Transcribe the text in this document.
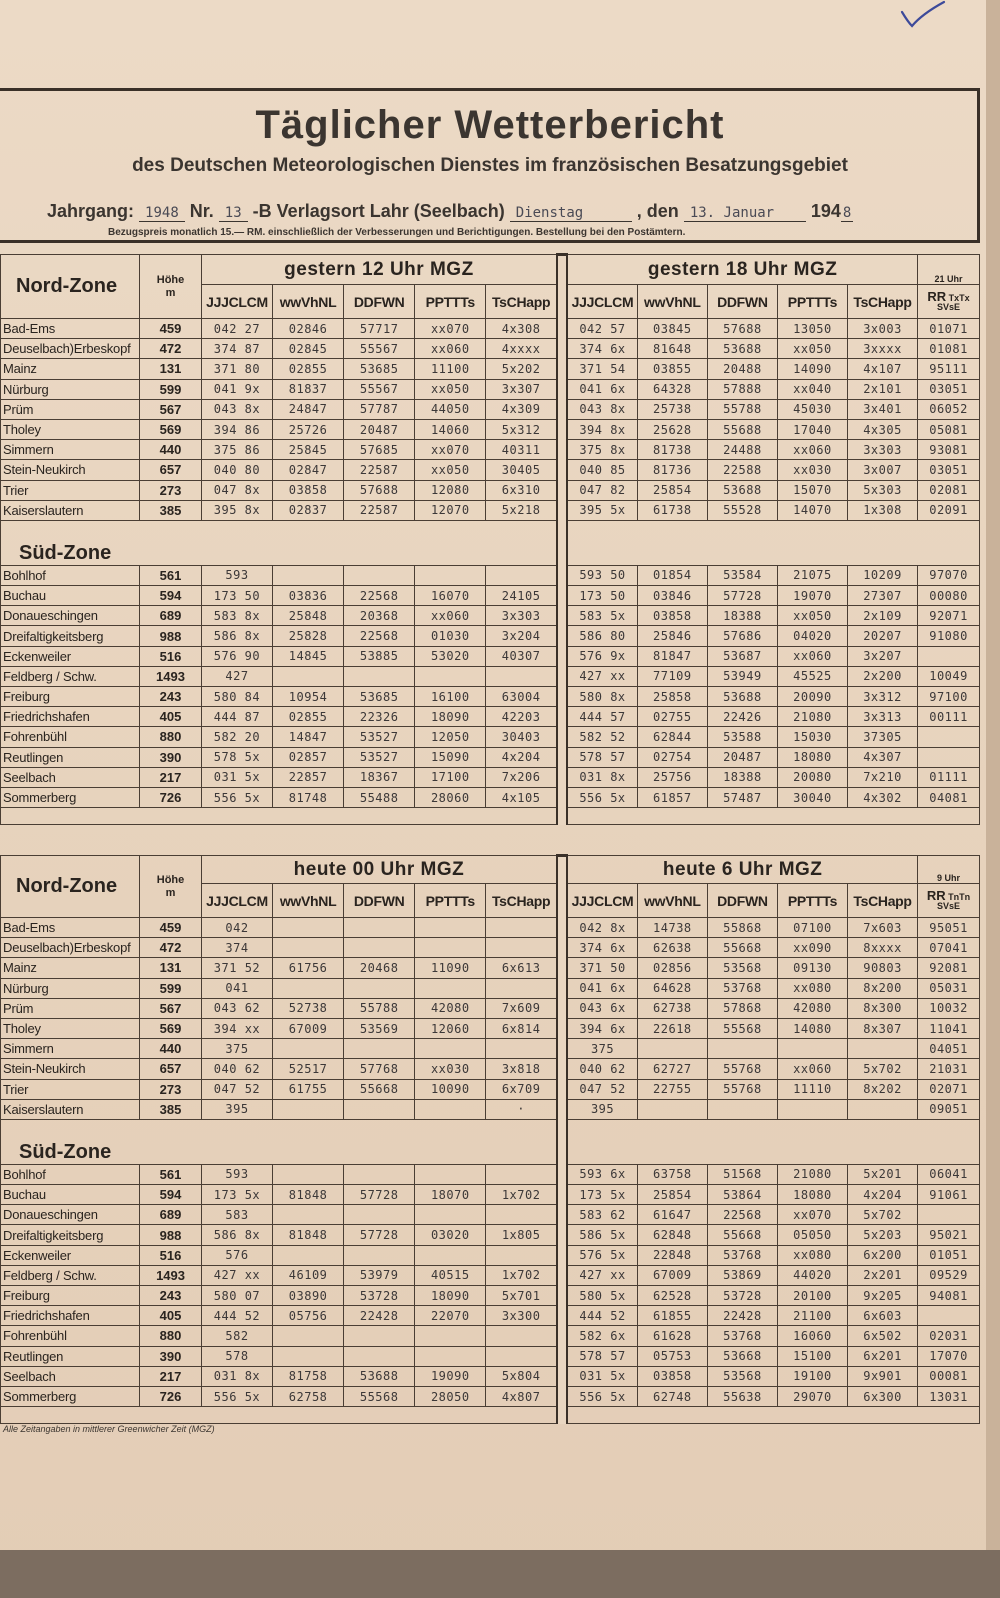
Täglicher Wetterbericht
des Deutschen Meteorologischen Dienstes im französischen Besatzungsgebiet
Jahrgang: 1948 Nr. 13 -B Verlagsort Lahr (Seelbach) Dienstag	, den 13. Januar 194 8
Bezugspreis monatlich 15.— RM. einschließlich der Verbesserungen und Berichtigungen. Bestellung bei den Postämtern.
Nord-Zone	Höhe
m	gestern 12 Uhr MGZ						gestern 18 Uhr MGZ					21 Uhr
		JJJCLCM	wwVhNL	DDFWN	PPTTTs	TsCHapp		JJJCLCM	wwVhNL	DDFWN	PPTTTs	TsCHapp	RR TxTx
SVsE
Bad-Ems	459	042 27	02846	57717	xx070	4x308		042 57	03845	57688	13050	3x003	01071
Deuselbach)Erbeskopf	472	374 87	02845	55567	xx060	4xxxx		374 6x	81648	53688	xx050	3xxxx	01081
Mainz	131	371 80	02855	53685	11100	5x202		371 54	03855	20488	14090	4x107	95111
Nürburg	599	041 9x	81837	55567	xx050	3x307		041 6x	64328	57888	xx040	2x101	03051
Prüm	567	043 8x	24847	57787	44050	4x309		043 8x	25738	55788	45030	3x401	06052
Tholey	569	394 86	25726	20487	14060	5x312		394 8x	25628	55688	17040	4x305	05081
Simmern	440	375 86	25845	57685	xx070	40311		375 8x	81738	24488	xx060	3x303	93081
Stein-Neukirch	657	040 80	02847	22587	xx050	30405		040 85	81736	22588	xx030	3x007	03051
Trier	273	047 8x	03858	57688	12080	6x310		047 82	25854	53688	15070	5x303	02081
Kaiserslautern	385	395 8x	02837	22587	12070	5x218		395 5x	61738	55528	14070	1x308	02091
Süd-Zone													
Bohlhof	561	593						593 50	01854	53584	21075	10209	97070
Buchau	594	173 50	03836	22568	16070	24105		173 50	03846	57728	19070	27307	00080
Donaueschingen	689	583 8x	25848	20368	xx060	3x303		583 5x	03858	18388	xx050	2x109	92071
Dreifaltigkeitsberg	988	586 8x	25828	22568	01030	3x204		586 80	25846	57686	04020	20207	91080
Eckenweiler	516	576 90	14845	53885	53020	40307		576 9x	81847	53687	xx060	3x207	
Feldberg / Schw.	1493	427						427 xx	77109	53949	45525	2x200	10049
Freiburg	243	580 84	10954	53685	16100	63004		580 8x	25858	53688	20090	3x312	97100
Friedrichshafen	405	444 87	02855	22326	18090	42203		444 57	02755	22426	21080	3x313	00111
Fohrenbühl	880	582 20	14847	53527	12050	30403		582 52	62844	53588	15030	37305	
Reutlingen	390	578 5x	02857	53527	15090	4x204		578 57	02754	20487	18080	4x307	
Seelbach	217	031 5x	22857	18367	17100	7x206		031 8x	25756	18388	20080	7x210	01111
Sommerberg	726	556 5x	81748	55488	28060	4x105		556 5x	61857	57487	30040	4x302	04081

Nord-Zone	Höhe
m	heute 00 Uhr MGZ						heute 6 Uhr MGZ					9 Uhr
		JJJCLCM	wwVhNL	DDFWN	PPTTTs	TsCHapp		JJJCLCM	wwVhNL	DDFWN	PPTTTs	TsCHapp	RR TnTn
SVsE
Bad-Ems	459	042						042 8x	14738	55868	07100	7x603	95051
Deuselbach)Erbeskopf	472	374						374 6x	62638	55668	xx090	8xxxx	07041
Mainz	131	371 52	61756	20468	11090	6x613		371 50	02856	53568	09130	90803	92081
Nürburg	599	041						041 6x	64628	53768	xx080	8x200	05031
Prüm	567	043 62	52738	55788	42080	7x609		043 6x	62738	57868	42080	8x300	10032
Tholey	569	394 xx	67009	53569	12060	6x814		394 6x	22618	55568	14080	8x307	11041
Simmern	440	375						375					04051
Stein-Neukirch	657	040 62	52517	57768	xx030	3x818		040 62	62727	55768	xx060	5x702	21031
Trier	273	047 52	61755	55668	10090	6x709		047 52	22755	55768	11110	8x202	02071
Kaiserslautern	385	395				·		395					09051
Süd-Zone													
Bohlhof	561	593						593 6x	63758	51568	21080	5x201	06041
Buchau	594	173 5x	81848	57728	18070	1x702		173 5x	25854	53864	18080	4x204	91061
Donaueschingen	689	583						583 62	61647	22568	xx070	5x702	
Dreifaltigkeitsberg	988	586 8x	81848	57728	03020	1x805		586 5x	62848	55668	05050	5x203	95021
Eckenweiler	516	576						576 5x	22848	53768	xx080	6x200	01051
Feldberg / Schw.	1493	427 xx	46109	53979	40515	1x702		427 xx	67009	53869	44020	2x201	09529
Freiburg	243	580 07	03890	53728	18090	5x701		580 5x	62528	53728	20100	9x205	94081
Friedrichshafen	405	444 52	05756	22428	22070	3x300		444 52	61855	22428	21100	6x603	
Fohrenbühl	880	582						582 6x	61628	53768	16060	6x502	02031
Reutlingen	390	578						578 57	05753	53668	15100	6x201	17070
Seelbach	217	031 8x	81758	53688	19090	5x804		031 5x	03858	53568	19100	9x901	00081
Sommerberg	726	556 5x	62758	55568	28050	4x807		556 5x	62748	55638	29070	6x300	13031

Alle Zeitangaben in mittlerer Greenwicher Zeit (MGZ)
